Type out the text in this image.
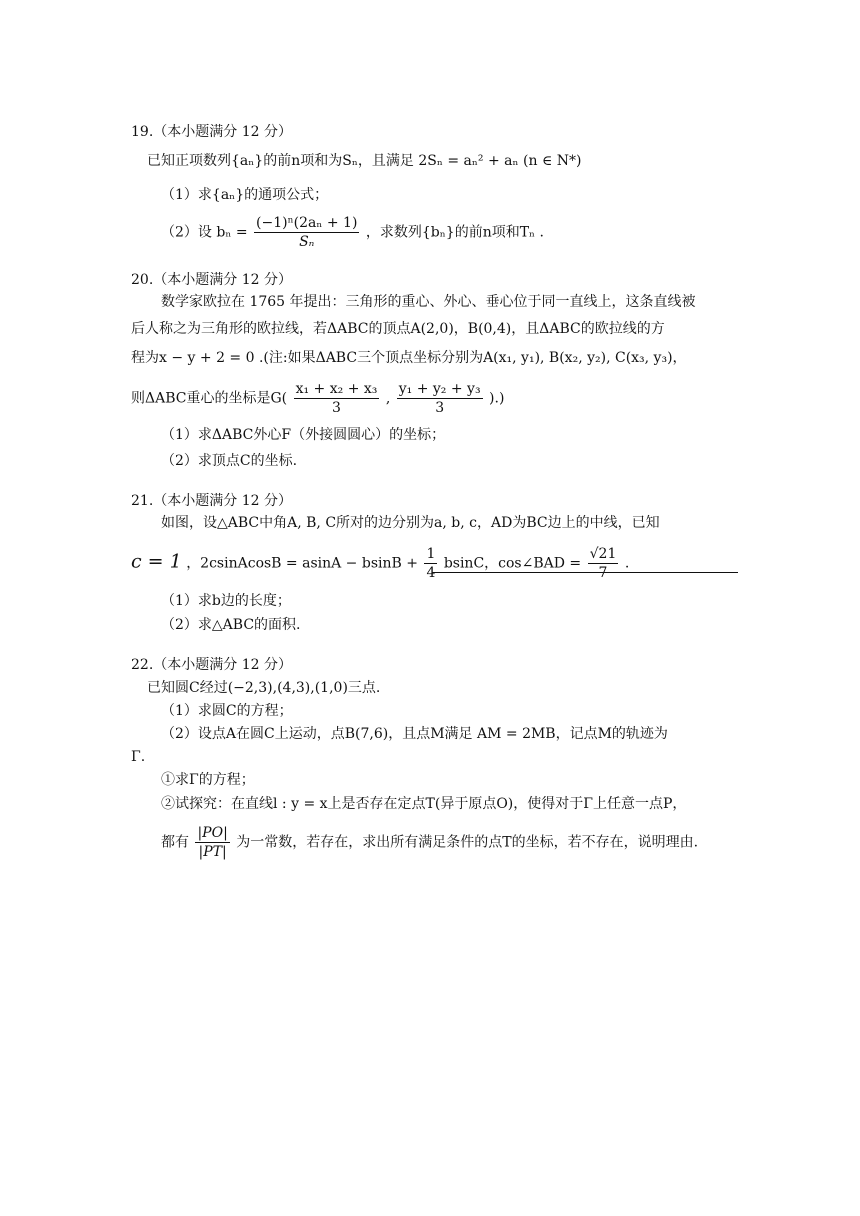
19.（本小题满分 12 分）
已知正项数列{aₙ}的前n项和为Sₙ，且满足 2Sₙ = aₙ² + aₙ (n ∈ N*)
（1）求{aₙ}的通项公式；
（2）设 $b_n = \frac{\text{(−1)ⁿ(2aₙ + 1)}}{\text{Sₙ}}$ ，求数列{bₙ}的前n项和Tₙ .
20.（本小题满分 12 分）
数学家欧拉在 1765 年提出：三角形的重心、外心、垂心位于同一直线上，这条直线被
后人称之为三角形的欧拉线，若ΔABC的顶点A(2,0)，B(0,4)，且ΔABC的欧拉线的方
程为x − y + 2 = 0 .(注:如果ΔABC三个顶点坐标分别为A(x₁, y₁), B(x₂, y₂), C(x₃, y₃)，
则ΔABC重心的坐标是$G( \frac{\text{x₁ + x₂ + x₃}}{3}$ , $\frac{\text{y₁ + y₂ + y₃}}{3}$ ).)
（1）求ΔABC外心F（外接圆圆心）的坐标；
（2）求顶点C的坐标.
21.（本小题满分 12 分）
如图，设△ABC中角A, B, C所对的边分别为a, b, c，AD为BC边上的中线，已知
c = 1 ，2csinAcosB = $asinA - bsinB + \frac{1}{4}$ bsinC，cos∠BAD = $\frac{√21}{7}$ .
（1）求b边的长度；
（2）求△ABC的面积.
22.（本小题满分 12 分）
已知圆C经过(−2,3),(4,3),(1,0)三点.
（1）求圆C的方程；
（2）设点A在圆C上运动，点B(7,6)，且点M满足 AM = 2MB，记点M的轨迹为
Γ.
①求Γ的方程；
②试探究：在直线l : y = x上是否存在定点T(异于原点O)，使得对于Γ上任意一点P，
都有 $\frac{|PO|}{|PT|}$ 为一常数，若存在，求出所有满足条件的点T的坐标，若不存在，说明理由.
